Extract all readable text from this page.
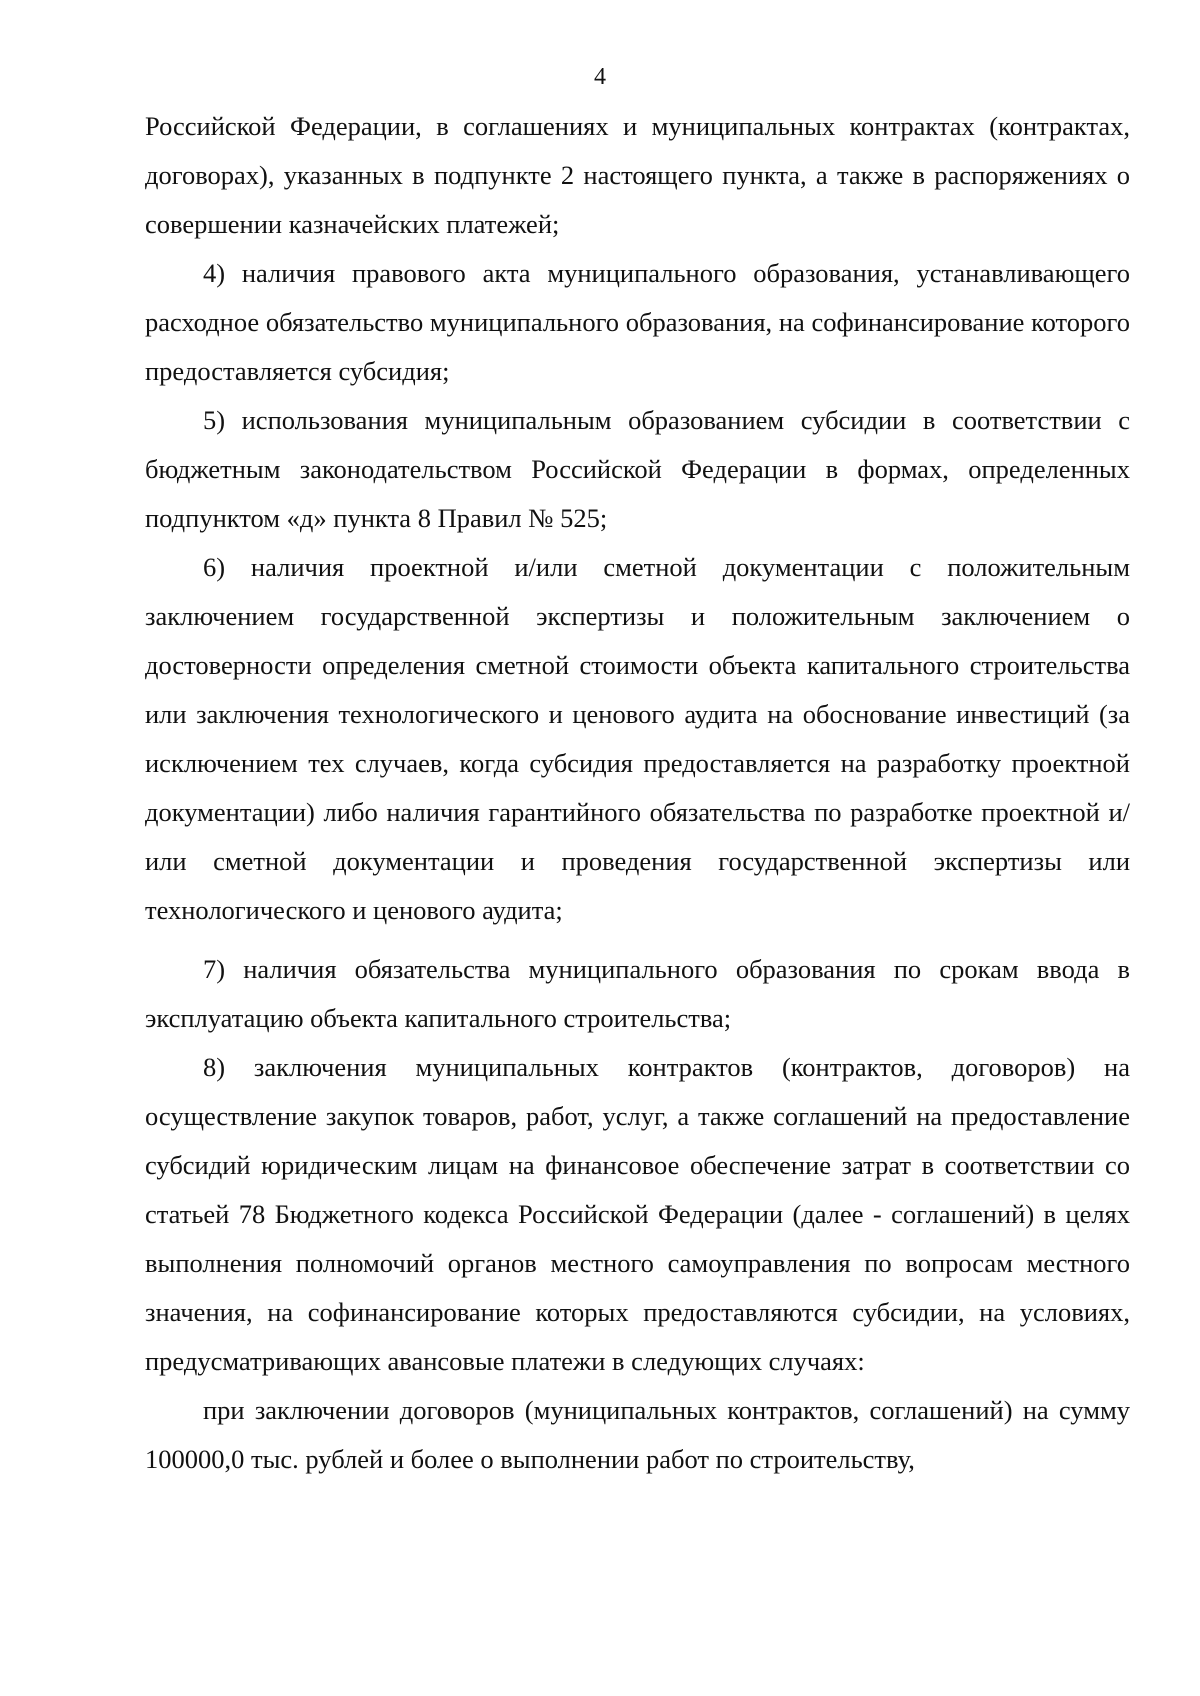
4

Российской Федерации, в соглашениях и муниципальных контрактах (контрактах, договорах), указанных в подпункте 2 настоящего пункта, а также в распоряжениях о совершении казначейских платежей;

4) наличия правового акта муниципального образования, устанавливающего расходное обязательство муниципального образования, на софинансирование которого предоставляется субсидия;

5) использования муниципальным образованием субсидии в соответствии с бюджетным законодательством Российской Федерации в формах, определенных подпунктом «д» пункта 8 Правил № 525;

6) наличия проектной и/или сметной документации с положительным заключением государственной экспертизы и положительным заключением о достоверности определения сметной стоимости объекта капитального строительства или заключения технологического и ценового аудита на обоснование инвестиций (за исключением тех случаев, когда субсидия предоставляется на разработку проектной документации) либо наличия гарантийного обязательства по разработке проектной и/или сметной документации и проведения государственной экспертизы или технологического и ценового аудита;

7) наличия обязательства муниципального образования по срокам ввода в эксплуатацию объекта капитального строительства;

8) заключения муниципальных контрактов (контрактов, договоров) на осуществление закупок товаров, работ, услуг, а также соглашений на предоставление субсидий юридическим лицам на финансовое обеспечение затрат в соответствии со статьей 78 Бюджетного кодекса Российской Федерации (далее - соглашений) в целях выполнения полномочий органов местного самоуправления по вопросам местного значения, на софинансирование которых предоставляются субсидии, на условиях, предусматривающих авансовые платежи в следующих случаях:

при заключении договоров (муниципальных контрактов, соглашений) на сумму 100000,0 тыс. рублей и более о выполнении работ по строительству,
